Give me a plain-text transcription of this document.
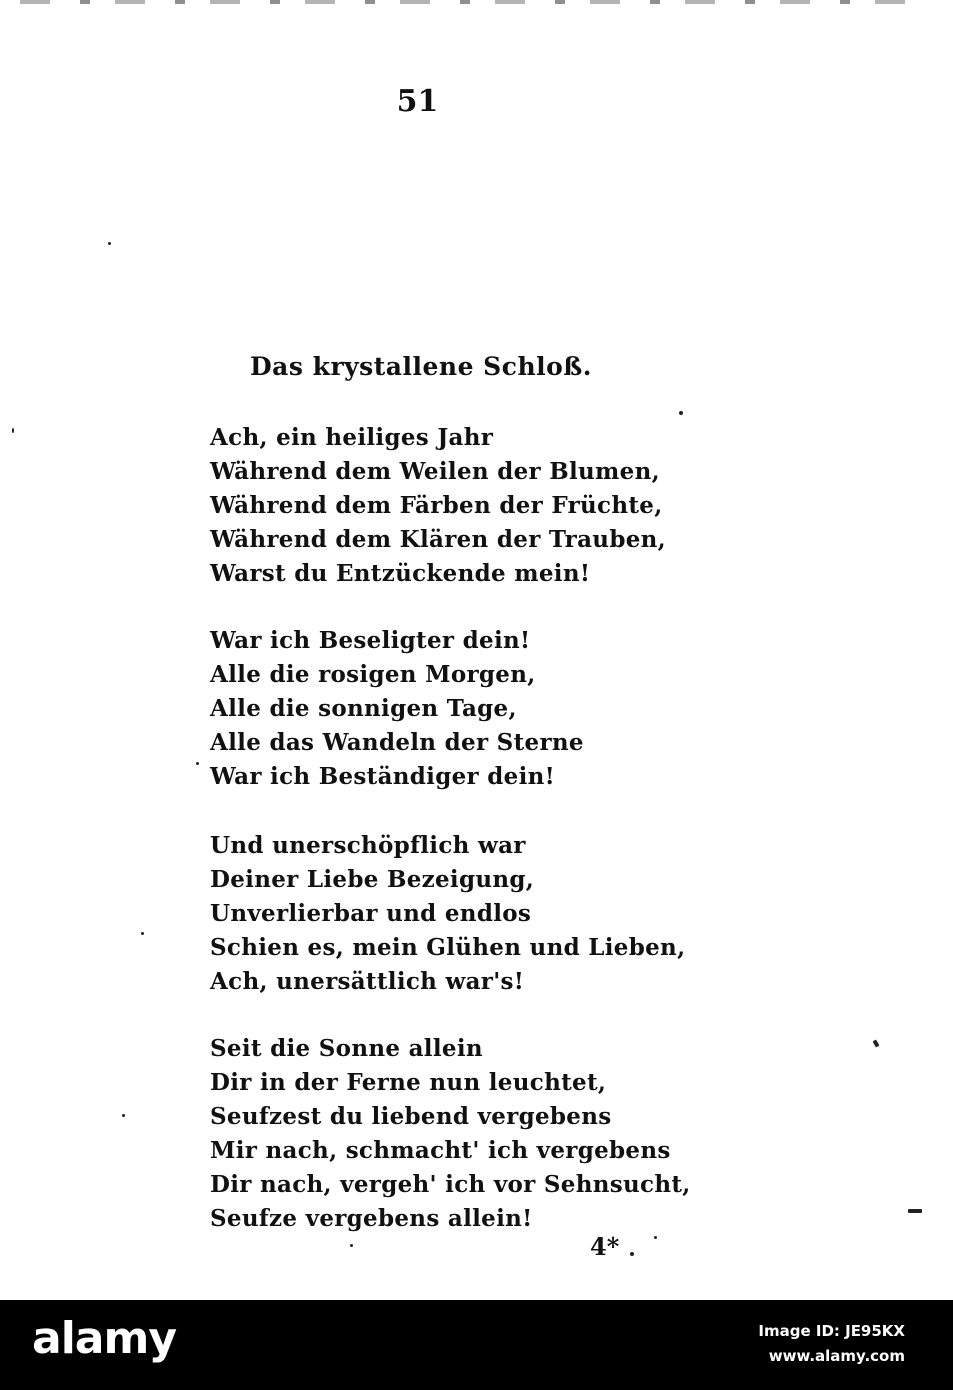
51
Das krystallene Schloß.
Ach, ein heiliges Jahr
Während dem Weilen der Blumen,
Während dem Färben der Früchte,
Während dem Klären der Trauben,
Warst du Entzückende mein!
War ich Beseligter dein!
Alle die rosigen Morgen,
Alle die sonnigen Tage,
Alle das Wandeln der Sterne
War ich Beständiger dein!
Und unerschöpflich war
Deiner Liebe Bezeigung,
Unverlierbar und endlos
Schien es, mein Glühen und Lieben,
Ach, unersättlich war's!
Seit die Sonne allein
Dir in der Ferne nun leuchtet,
Seufzest du liebend vergebens
Mir nach, schmacht' ich vergebens
Dir nach, vergeh' ich vor Sehnsucht,
Seufze vergebens allein!
4*
alamy	Image ID: JE95KX
www.alamy.com
